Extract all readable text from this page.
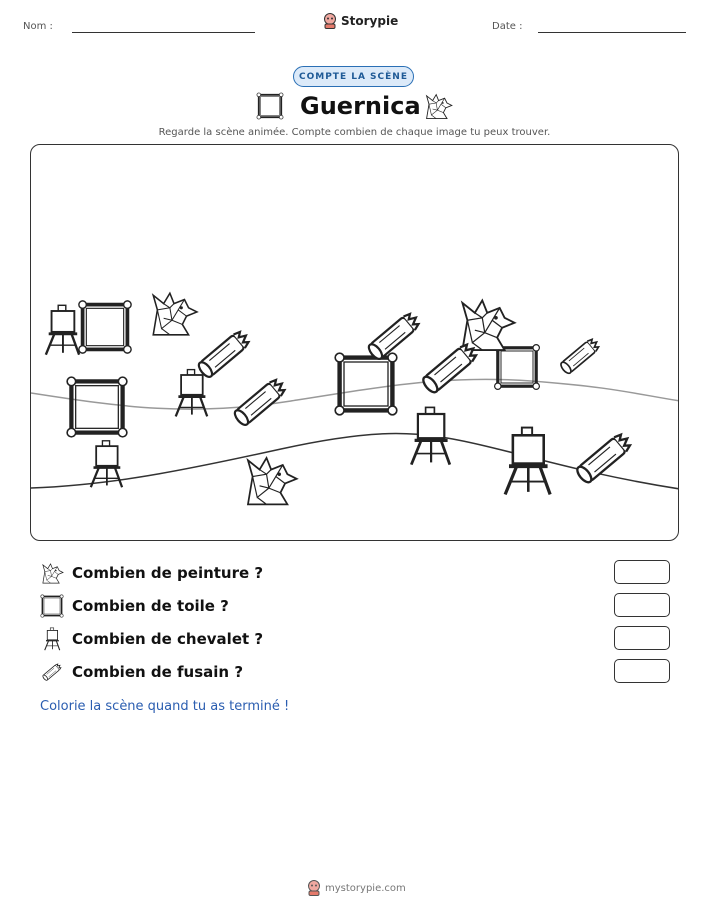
Nom :	Storypie	Date :
COMPTE LA SCÈNE
Guernica
Regarde la scène animée. Compte combien de chaque image tu peux trouver.
Combien de peinture ?
Combien de toile ?
Combien de chevalet ?
Combien de fusain ?
Colorie la scène quand tu as terminé !
mystorypie.com
